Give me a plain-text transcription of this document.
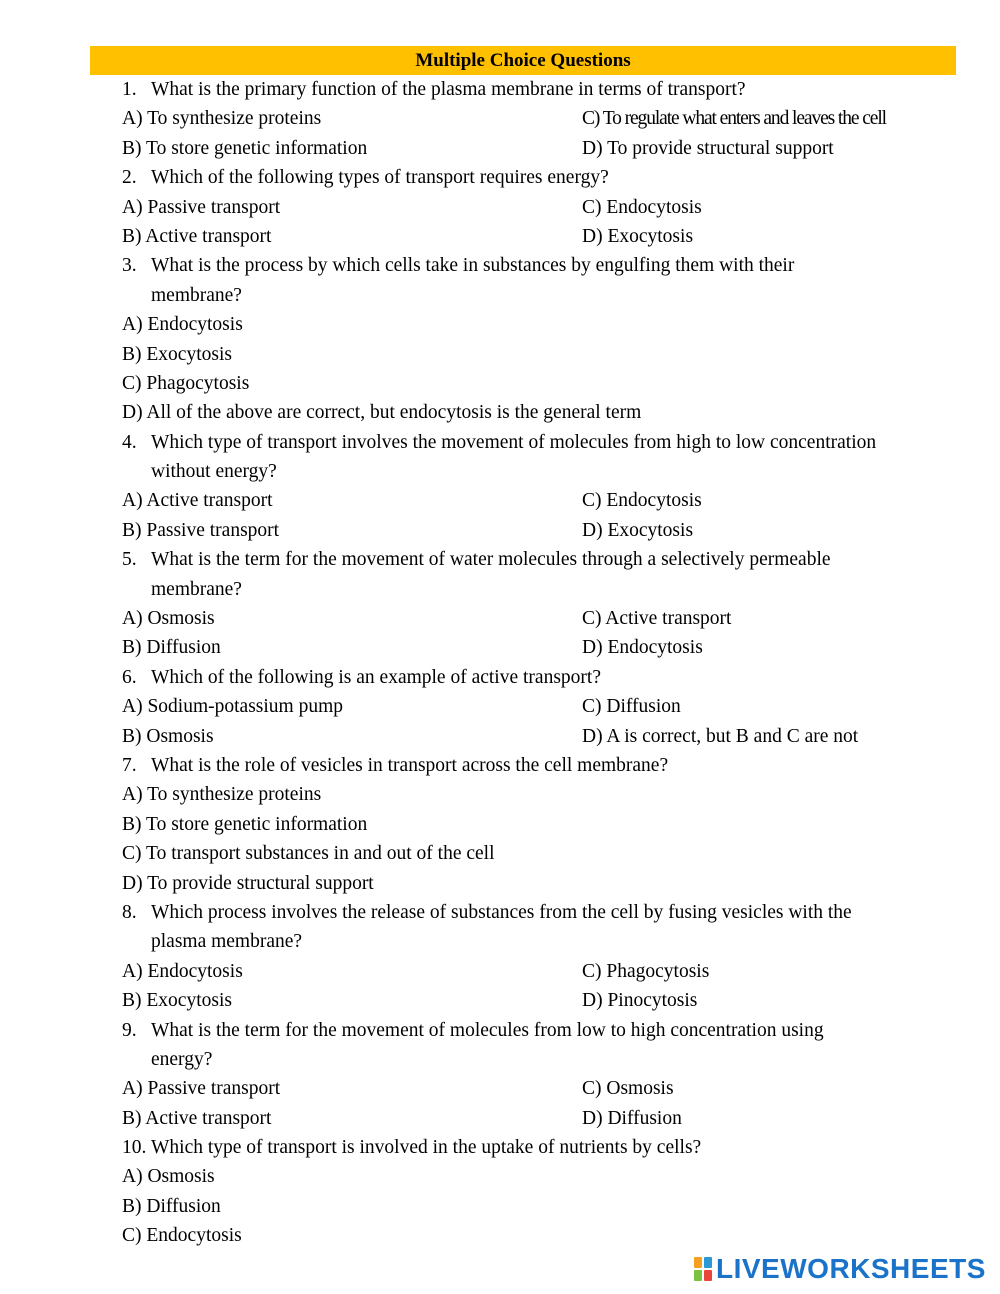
Multiple Choice Questions
1. What is the primary function of the plasma membrane in terms of transport?
A) To synthesize proteins	C) To regulate what enters and leaves the cell
B) To store genetic information	D) To provide structural support
2. Which of the following types of transport requires energy?
A) Passive transport	C) Endocytosis
B) Active transport	D) Exocytosis
3. What is the process by which cells take in substances by engulfing them with their
membrane?
A) Endocytosis
B) Exocytosis
C) Phagocytosis
D) All of the above are correct, but endocytosis is the general term
4. Which type of transport involves the movement of molecules from high to low concentration
without energy?
A) Active transport	C) Endocytosis
B) Passive transport	D) Exocytosis
5. What is the term for the movement of water molecules through a selectively permeable
membrane?
A) Osmosis	C) Active transport
B) Diffusion	D) Endocytosis
6. Which of the following is an example of active transport?
A) Sodium-potassium pump	C) Diffusion
B) Osmosis	D) A is correct, but B and C are not
7. What is the role of vesicles in transport across the cell membrane?
A) To synthesize proteins
B) To store genetic information
C) To transport substances in and out of the cell
D) To provide structural support
8. Which process involves the release of substances from the cell by fusing vesicles with the
plasma membrane?
A) Endocytosis	C) Phagocytosis
B) Exocytosis	D) Pinocytosis
9. What is the term for the movement of molecules from low to high concentration using
energy?
A) Passive transport	C) Osmosis
B) Active transport	D) Diffusion
10. Which type of transport is involved in the uptake of nutrients by cells?
A) Osmosis
B) Diffusion
C) Endocytosis
LIVEWORKSHEETS
